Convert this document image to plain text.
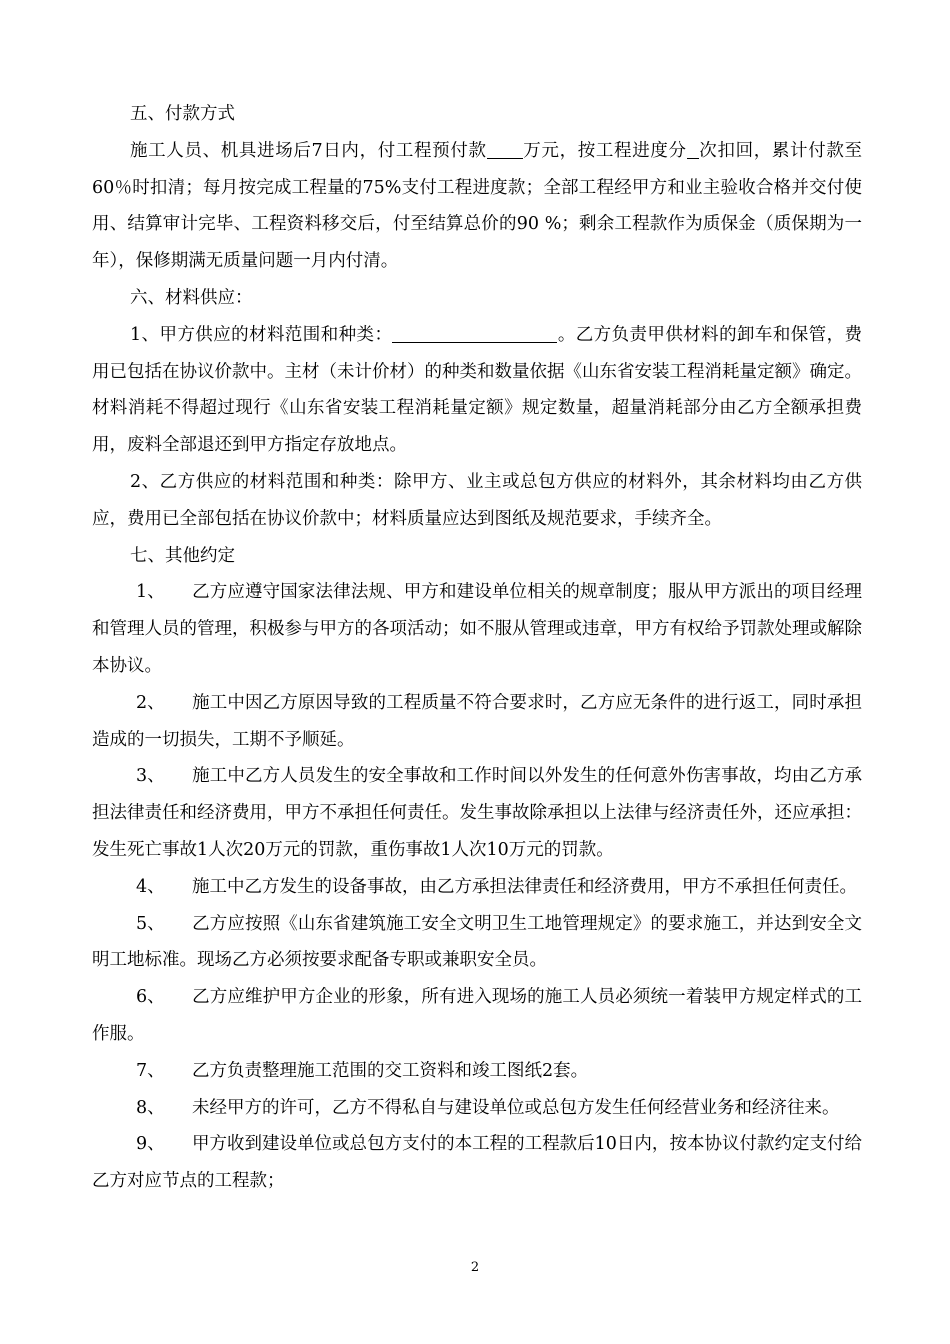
五、付款方式

施工人员、机具进场后7日内，付工程预付款 万元，按工程进度分 次扣回，累计付款至60％时扣清；每月按完成工程量的75%支付工程进度款；全部工程经甲方和业主验收合格并交付使用、结算审计完毕、工程资料移交后，付至结算总价的90 %；剩余工程款作为质保金（质保期为一年），保修期满无质量问题一月内付清。

六、材料供应：

1、甲方供应的材料范围和种类：	。乙方负责甲供材料的卸车和保管，费用已包括在协议价款中。主材（未计价材）的种类和数量依据《山东省安装工程消耗量定额》确定。材料消耗不得超过现行《山东省安装工程消耗量定额》规定数量，超量消耗部分由乙方全额承担费用，废料全部退还到甲方指定存放地点。

2、乙方供应的材料范围和种类：除甲方、业主或总包方供应的材料外，其余材料均由乙方供应，费用已全部包括在协议价款中；材料质量应达到图纸及规范要求，手续齐全。

七、其他约定

1、 乙方应遵守国家法律法规、甲方和建设单位相关的规章制度；服从甲方派出的项目经理和管理人员的管理，积极参与甲方的各项活动；如不服从管理或违章，甲方有权给予罚款处理或解除本协议。

2、 施工中因乙方原因导致的工程质量不符合要求时，乙方应无条件的进行返工，同时承担造成的一切损失，工期不予顺延。

3、 施工中乙方人员发生的安全事故和工作时间以外发生的任何意外伤害事故，均由乙方承担法律责任和经济费用，甲方不承担任何责任。发生事故除承担以上法律与经济责任外，还应承担：发生死亡事故1人次20万元的罚款，重伤事故1人次10万元的罚款。

4、 施工中乙方发生的设备事故，由乙方承担法律责任和经济费用，甲方不承担任何责任。

5、 乙方应按照《山东省建筑施工安全文明卫生工地管理规定》的要求施工，并达到安全文明工地标准。现场乙方必须按要求配备专职或兼职安全员。

6、 乙方应维护甲方企业的形象，所有进入现场的施工人员必须统一着装甲方规定样式的工作服。

7、 乙方负责整理施工范围的交工资料和竣工图纸2套。

8、 未经甲方的许可，乙方不得私自与建设单位或总包方发生任何经营业务和经济往来。

9、 甲方收到建设单位或总包方支付的本工程的工程款后10日内，按本协议付款约定支付给乙方对应节点的工程款；

2
